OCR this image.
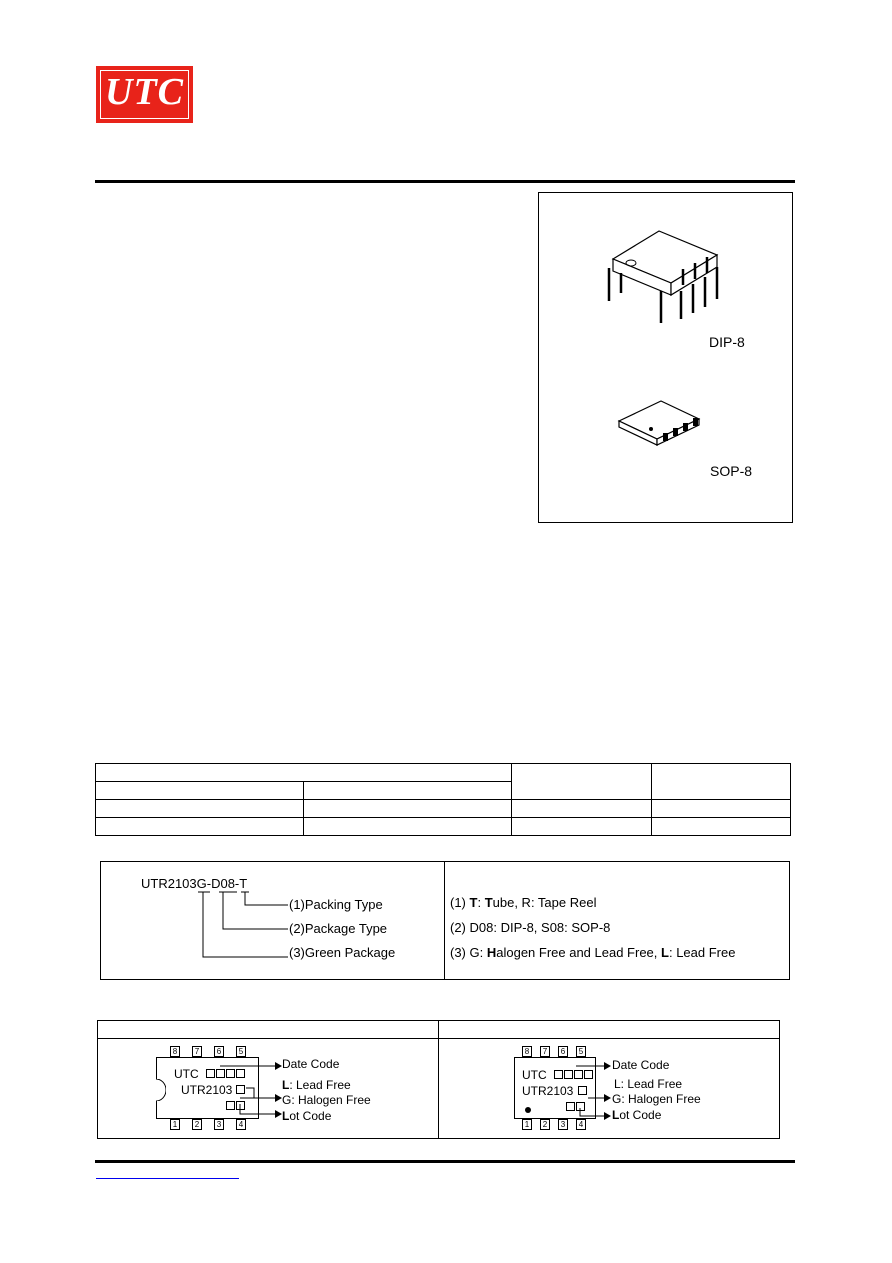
UTC
DIP-8
SOP-8

UTR2103G-D08-T
(1)Packing Type
(2)Package Type
(3)Green Package
(1) T: Tube, R: Tape Reel
(2) D08: DIP-8, S08: SOP-8
(3) G: Halogen Free and Lead Free, L: Lead Free
8	7	6	5
1	2	3	4
UTC
UTR2103
Date Code
L: Lead Free
G: Halogen Free
Lot Code
8	7	6	5
1	2	3	4
UTC
UTR2103
Date Code
L: Lead Free
G: Halogen Free
Lot Code
